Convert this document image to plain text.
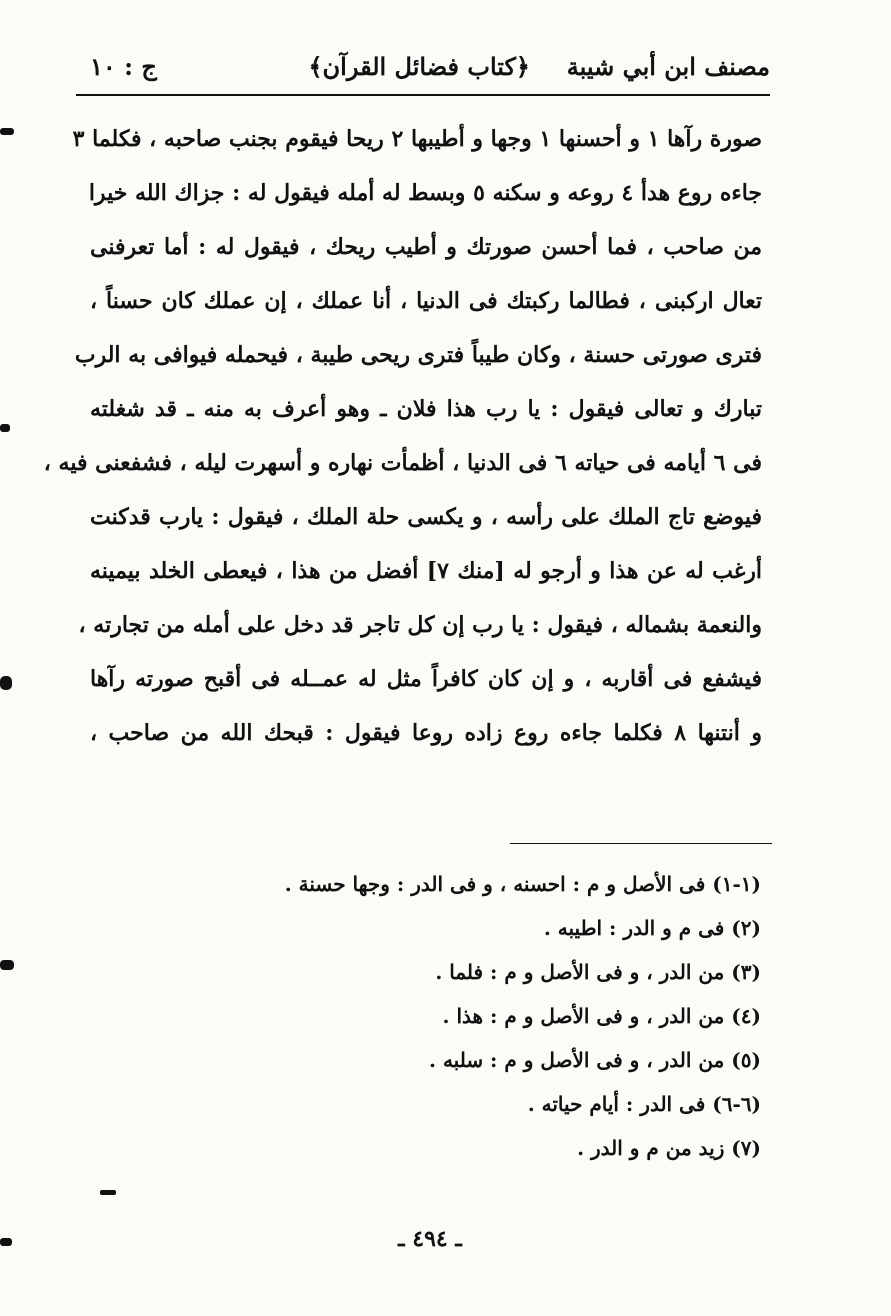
مصنف ابن أبي شيبة
﴿كتاب فضائل القرآن﴾
ج : ١٠
صورة رآها ١ و أحسنها ١ وجها و أطيبها ٢ ريحا فيقوم بجنب صاحبه ، فكلما ٣
جاءه روع هدأ ٤ روعه و سكنه ٥ وبسط له أمله فيقول له : جزاك الله خيرا
من صاحب ، فما أحسن صورتك و أطيب ريحك ، فيقول له : أما تعرفنى
تعال اركبنى ، فطالما ركبتك فى الدنيا ، أنا عملك ، إن عملك كان حسناً ،
فترى صورتى حسنة ، وكان طيباً فترى ريحى طيبة ، فيحمله فيوافى به الرب
تبارك و تعالى فيقول : يا رب هذا فلان ـ وهو أعرف به منه ـ قد شغلته
فى ٦ أيامه فى حياته ٦ فى الدنيا ، أظمأت نهاره و أسهرت ليله ، فشفعنى فيه ،
فيوضع تاج الملك على رأسه ، و يكسى حلة الملك ، فيقول : يارب قدكنت
أرغب له عن هذا و أرجو له [منك ٧] أفضل من هذا ، فيعطى الخلد بيمينه
والنعمة بشماله ، فيقول : يا رب إن كل تاجر قد دخل على أمله من تجارته ،
فيشفع فى أقاربه ، و إن كان كافراً مثل له عمــله فى أقبح صورته رآها
و أنتنها ٨ فكلما جاءه روع زاده روعا فيقول : قبحك الله من صاحب ،
(١-١) فى الأصل و م : احسنه ، و فى الدر : وجها حسنة .
(٢) فى م و الدر : اطيبه .
(٣) من الدر ، و فى الأصل و م : فلما .
(٤) من الدر ، و فى الأصل و م : هذا .
(٥) من الدر ، و فى الأصل و م : سلبه .
(٦-٦) فى الدر : أيام حياته .
(٧) زيد من م و الدر .
ـ ٤٩٤ ـ
